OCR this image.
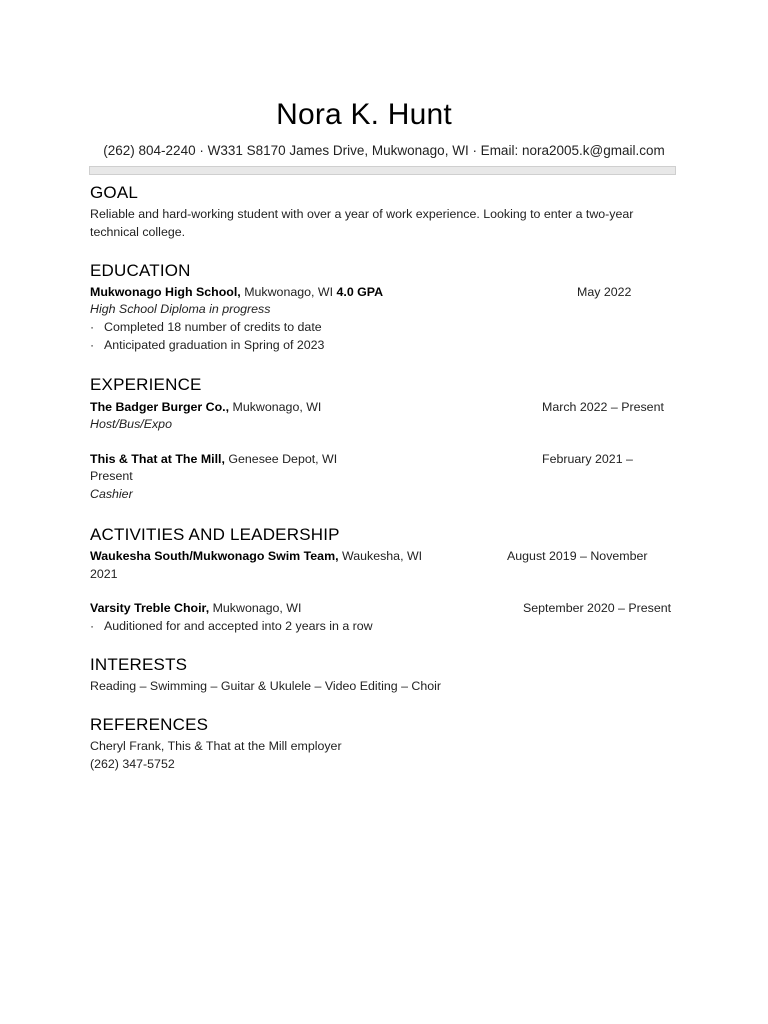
Nora K. Hunt
(262) 804-2240 · W331 S8170 James Drive, Mukwonago, WI · Email: nora2005.k@gmail.com
GOAL
Reliable and hard-working student with over a year of work experience. Looking to enter a two-year
technical college.
EDUCATION
Mukwonago High School, Mukwonago, WI 4.0 GPA	May 2022
High School Diploma in progress
· Completed 18 number of credits to date
· Anticipated graduation in Spring of 2023
EXPERIENCE
The Badger Burger Co., Mukwonago, WI	March 2022 – Present
Host/Bus/Expo
This & That at The Mill, Genesee Depot, WI	February 2021 –
Present
Cashier
ACTIVITIES AND LEADERSHIP
Waukesha South/Mukwonago Swim Team, Waukesha, WI	August 2019 – November
2021
Varsity Treble Choir, Mukwonago, WI	September 2020 – Present
· Auditioned for and accepted into 2 years in a row
INTERESTS
Reading – Swimming – Guitar & Ukulele – Video Editing – Choir
REFERENCES
Cheryl Frank, This & That at the Mill employer
(262) 347-5752
